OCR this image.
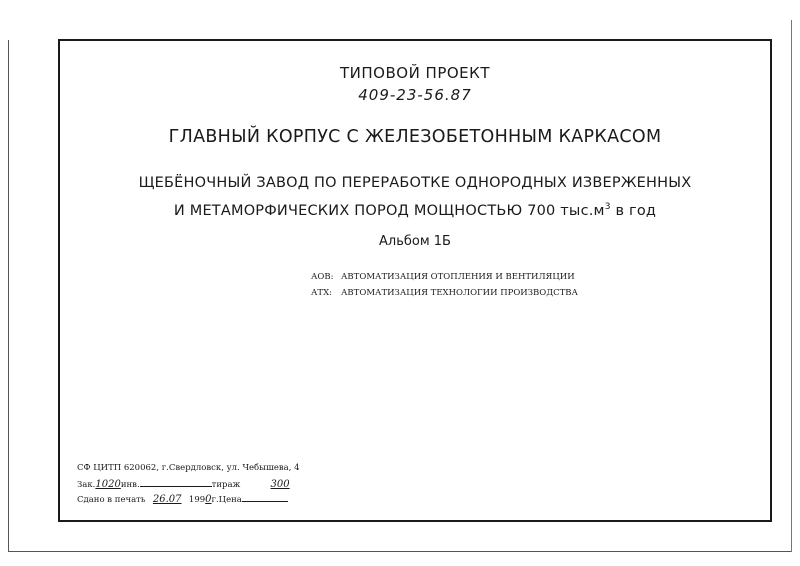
ТИПОВОЙ ПРОЕКТ
409-23-56.87
ГЛАВНЫЙ КОРПУС С ЖЕЛЕЗОБЕТОННЫМ КАРКАСОМ
ЩЕБЁНОЧНЫЙ ЗАВОД ПО ПЕРЕРАБОТКЕ ОДНОРОДНЫХ ИЗВЕРЖЕННЫХ
И МЕТАМОРФИЧЕСКИХ ПОРОД МОЩНОСТЬЮ 700 $тыс.м^3$ в год
Альбом 1Б
АОВ: АВТОМАТИЗАЦИЯ ОТОПЛЕНИЯ И ВЕНТИЛЯЦИИ
АТХ: АВТОМАТИЗАЦИЯ ТЕХНОЛОГИИ ПРОИЗВОДСТВА
СФ ЦИТП 620062, г.Свердловск, ул. Чебышева, 4
Зак.1020инв.	тираж	300
Сдано в печать 26.07 1990г.Цена
